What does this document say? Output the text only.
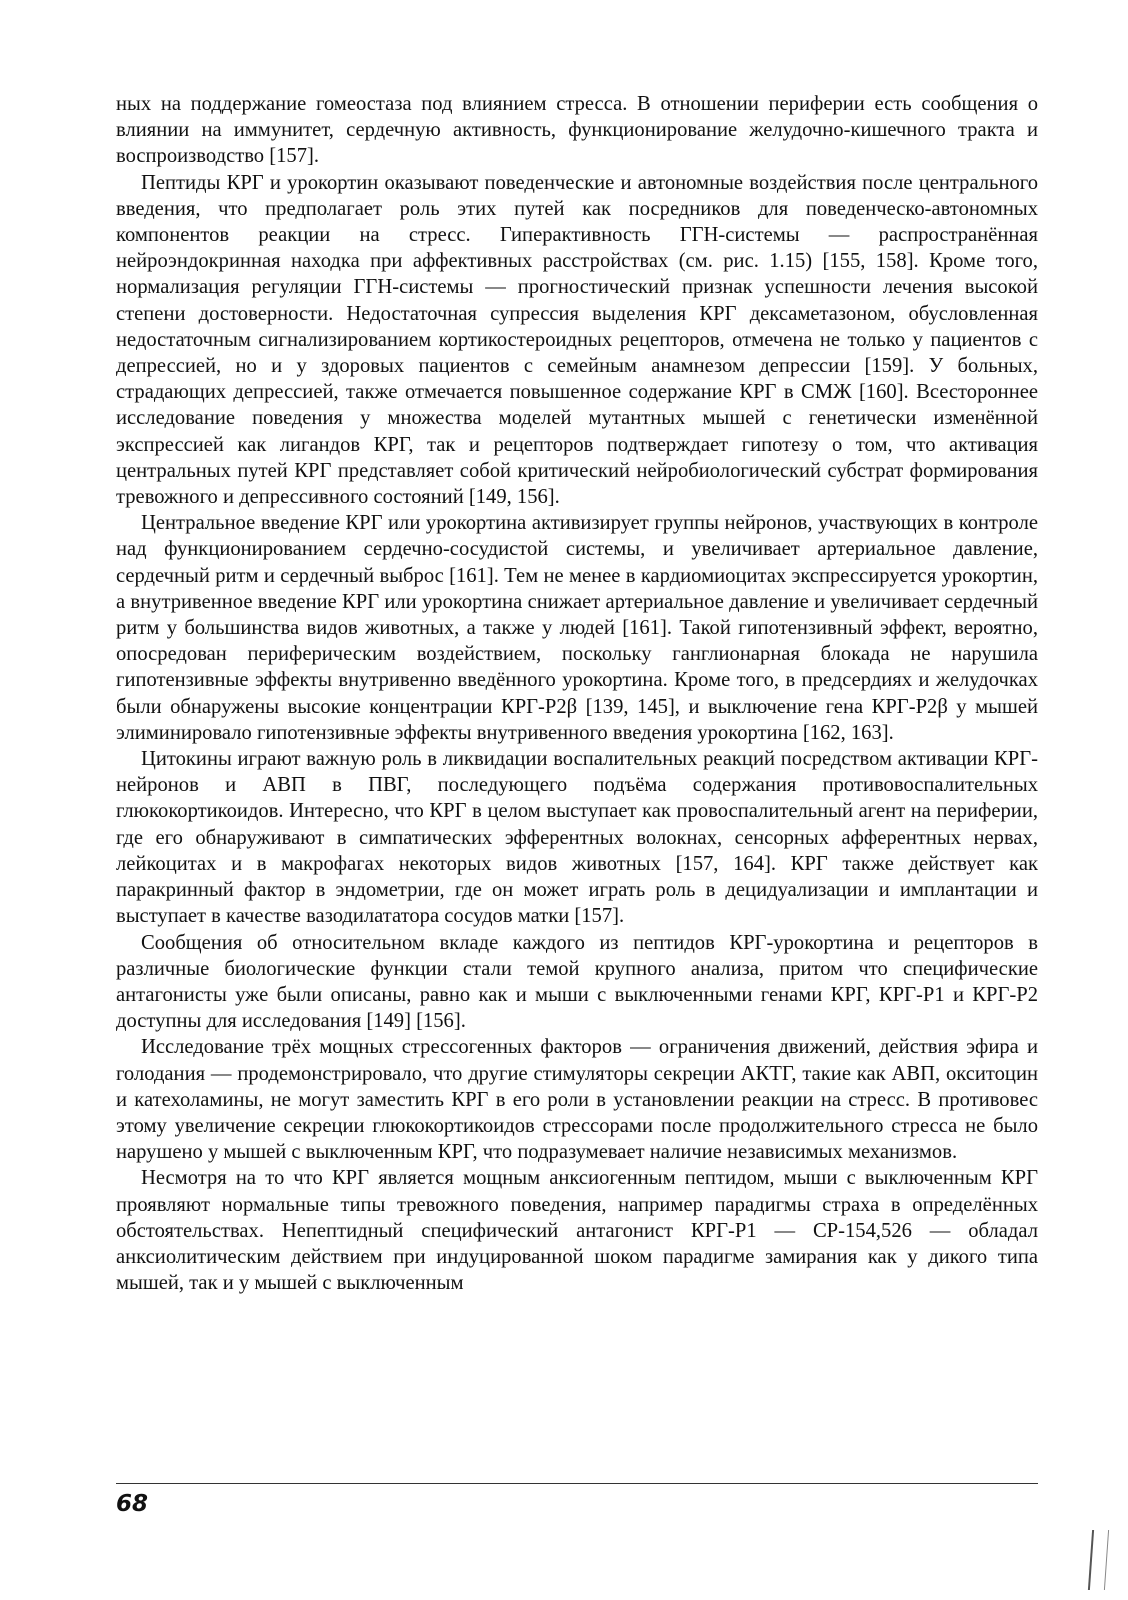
ных на поддержание гомеостаза под влиянием стресса. В отношении периферии есть сообщения о влиянии на иммунитет, сердечную активность, функционирование желудочно-кишечного тракта и воспроизводство [157].

Пептиды КРГ и урокортин оказывают поведенческие и автономные воздействия после центрального введения, что предполагает роль этих путей как посредников для поведенческо-автономных компонентов реакции на стресс. Гиперактивность ГГН-системы — распространённая нейроэндокринная находка при аффективных расстройствах (см. рис. 1.15) [155, 158]. Кроме того, нормализация регуляции ГГН-системы — прогностический признак успешности лечения высокой степени достоверности. Недостаточная супрессия выделения КРГ дексаметазоном, обусловленная недостаточным сигнализированием кортикостероидных рецепторов, отмечена не только у пациентов с депрессией, но и у здоровых пациентов с семейным анамнезом депрессии [159]. У больных, страдающих депрессией, также отмечается повышенное содержание КРГ в СМЖ [160]. Всестороннее исследование поведения у множества моделей мутантных мышей с генетически изменённой экспрессией как лигандов КРГ, так и рецепторов подтверждает гипотезу о том, что активация центральных путей КРГ представляет собой критический нейробиологический субстрат формирования тревожного и депрессивного состояний [149, 156].

Центральное введение КРГ или урокортина активизирует группы нейронов, участвующих в контроле над функционированием сердечно-сосудистой системы, и увеличивает артериальное давление, сердечный ритм и сердечный выброс [161]. Тем не менее в кардиомиоцитах экспрессируется урокортин, а внутривенное введение КРГ или урокортина снижает артериальное давление и увеличивает сердечный ритм у большинства видов животных, а также у людей [161]. Такой гипотензивный эффект, вероятно, опосредован периферическим воздействием, поскольку ганглионарная блокада не нарушила гипотензивные эффекты внутривенно введённого урокортина. Кроме того, в предсердиях и желудочках были обнаружены высокие концентрации КРГ-Р2β [139, 145], и выключение гена КРГ-Р2β у мышей элиминировало гипотензивные эффекты внутривенного введения урокортина [162, 163].

Цитокины играют важную роль в ликвидации воспалительных реакций посредством активации КРГ-нейронов и АВП в ПВГ, последующего подъёма содержания противовоспалительных глюкокортикоидов. Интересно, что КРГ в целом выступает как провоспалительный агент на периферии, где его обнаруживают в симпатических эфферентных волокнах, сенсорных афферентных нервах, лейкоцитах и в макрофагах некоторых видов животных [157, 164]. КРГ также действует как паракринный фактор в эндометрии, где он может играть роль в децидуализации и имплантации и выступает в качестве вазодилататора сосудов матки [157].

Сообщения об относительном вкладе каждого из пептидов КРГ-урокортина и рецепторов в различные биологические функции стали темой крупного анализа, притом что специфические антагонисты уже были описаны, равно как и мыши с выключенными генами КРГ, КРГ-Р1 и КРГ-Р2 доступны для исследования [149] [156].

Исследование трёх мощных стрессогенных факторов — ограничения движений, действия эфира и голодания — продемонстрировало, что другие стимуляторы секреции АКТГ, такие как АВП, окситоцин и катехоламины, не могут заместить КРГ в его роли в установлении реакции на стресс. В противовес этому увеличение секреции глюкокортикоидов стрессорами после продолжительного стресса не было нарушено у мышей с выключенным КРГ, что подразумевает наличие независимых механизмов.

Несмотря на то что КРГ является мощным анксиогенным пептидом, мыши с выключенным КРГ проявляют нормальные типы тревожного поведения, например парадигмы страха в определённых обстоятельствах. Непептидный специфический антагонист КРГ-Р1 — СР-154,526 — обладал анксиолитическим действием при индуцированной шоком парадигме замирания как у дикого типа мышей, так и у мышей с выключенным

68
